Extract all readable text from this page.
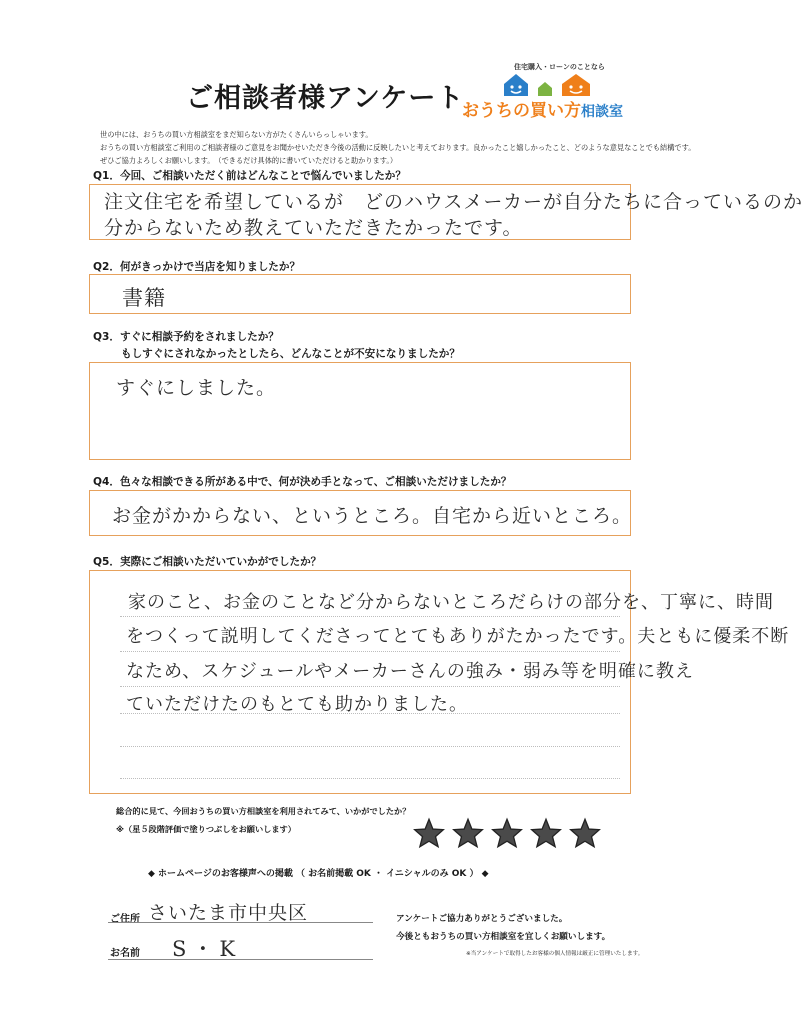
ご相談者様アンケート
住宅購入・ローンのことなら
おうちの買い方相談室
世の中には、おうちの買い方相談室をまだ知らない方がたくさんいらっしゃいます。
おうちの買い方相談室ご利用のご相談者様のご意見をお聞かせいただき今後の活動に反映したいと考えております。良かったこと嬉しかったこと、どのような意見なことでも結構です。
ぜひご協力よろしくお願いします。　（できるだけ具体的に書いていただけると助かります。）
Q1．今回、ご相談いただく前はどんなことで悩んでいましたか？
注文住宅を希望しているが　どのハウスメーカーが自分たちに合っているのか
分からないため教えていただきたかったです。
Q2．何がきっかけで当店を知りましたか？
書籍
Q3．すぐに相談予約をされましたか？
もしすぐにされなかったとしたら、どんなことが不安になりましたか？
すぐにしました。
Q4．色々な相談できる所がある中で、何が決め手となって、ご相談いただけましたか？
お金がかからない、というところ。自宅から近いところ。
Q5．実際にご相談いただいていかがでしたか？
家のこと、お金のことなど分からないところだらけの部分を、丁寧に、時間
をつくって説明してくださってとてもありがたかったです。夫ともに優柔不断
なため、スケジュールやメーカーさんの強み・弱み等を明確に教え
ていただけたのもとても助かりました。
総合的に見て、今回おうちの買い方相談室を利用されてみて、いかがでしたか？
※（星５段階評価で塗りつぶしをお願いします）

◆ ホームページのお客様声への掲載 （ お名前掲載 OK ・ イニシャルのみ OK ） ◆
ご住所 さいたま市中央区
お名前 S・K
アンケートご協力ありがとうございました。
今後ともおうちの買い方相談室を宜しくお願いします。
※当アンケートで取得したお客様の個人情報は厳正に管理いたします。
